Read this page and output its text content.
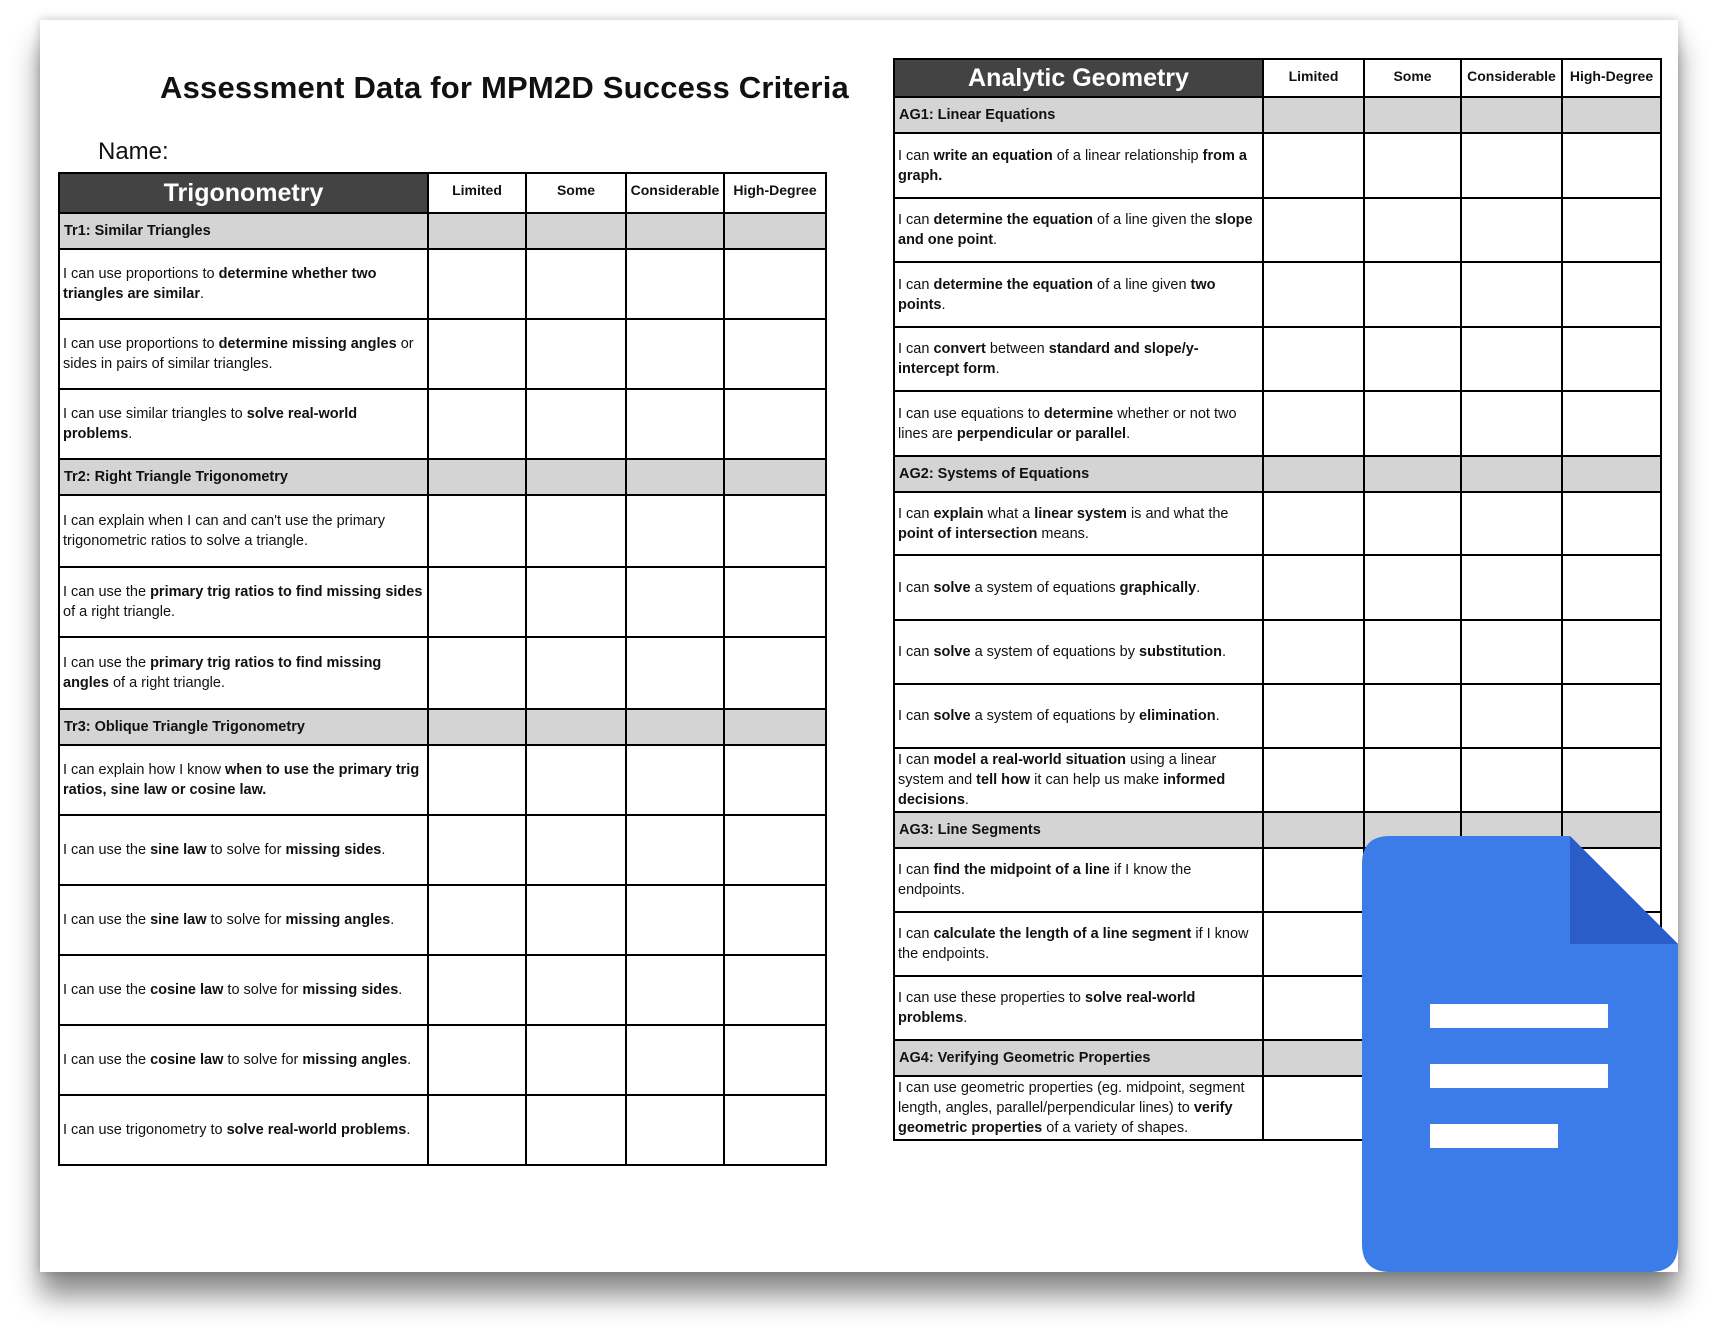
Assessment Data for MPM2D Success Criteria
Name:
Trigonometry	Limited	Some	Considerable	High-Degree
Tr1: Similar Triangles				
I can use proportions to determine whether two triangles are similar.				
I can use proportions to determine missing angles or sides in pairs of similar triangles.				
I can use similar triangles to solve real-world problems.				
Tr2: Right Triangle Trigonometry				
I can explain when I can and can't use the primary trigonometric ratios to solve a triangle.				
I can use the primary trig ratios to find missing sides of a right triangle.				
I can use the primary trig ratios to find missing angles of a right triangle.				
Tr3: Oblique Triangle Trigonometry				
I can explain how I know when to use the primary trig ratios, sine law or cosine law.				
I can use the sine law to solve for missing sides.				
I can use the sine law to solve for missing angles.				
I can use the cosine law to solve for missing sides.				
I can use the cosine law to solve for missing angles.				
I can use trigonometry to solve real-world problems.				
Analytic Geometry	Limited	Some	Considerable	High-Degree
AG1: Linear Equations				
I can write an equation of a linear relationship from a graph.				
I can determine the equation of a line given the slope and one point.				
I can determine the equation of a line given two points.				
I can convert between standard and slope/y-intercept form.				
I can use equations to determine whether or not two lines are perpendicular or parallel.				
AG2: Systems of Equations				
I can explain what a linear system is and what the point of intersection means.				
I can solve a system of equations graphically.				
I can solve a system of equations by substitution.				
I can solve a system of equations by elimination.				
I can model a real-world situation using a linear system and tell how it can help us make informed decisions.				
AG3: Line Segments				
I can find the midpoint of a line if I know the endpoints.				
I can calculate the length of a line segment if I know the endpoints.				
I can use these properties to solve real-world problems.				
AG4: Verifying Geometric Properties				
I can use geometric properties (eg. midpoint, segment length, angles, parallel/perpendicular lines) to verify geometric properties of a variety of shapes.				
